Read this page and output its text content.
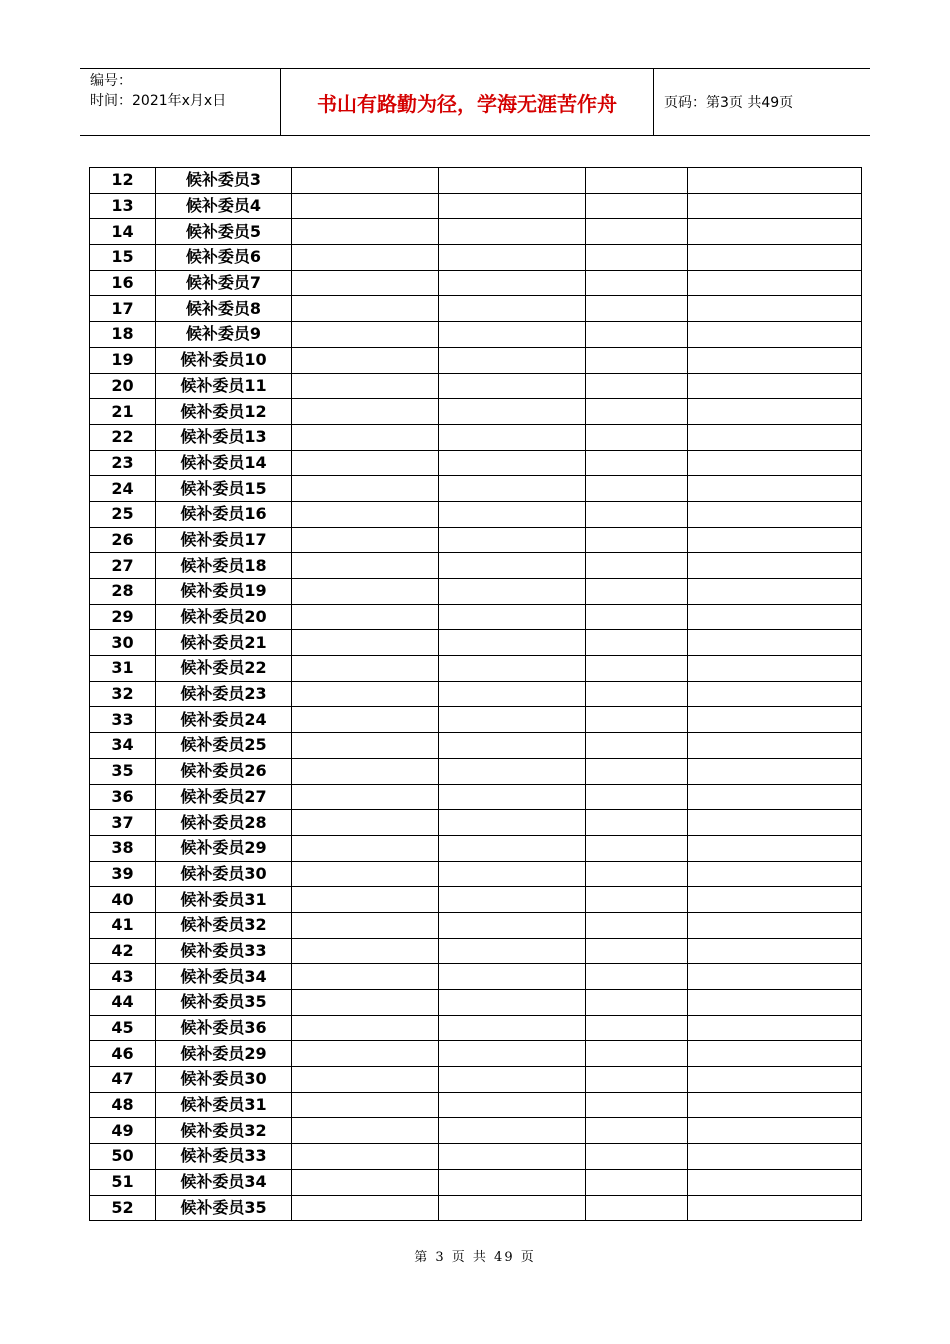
编号：
时间：2021年x月x日	书山有路勤为径，学海无涯苦作舟	页码：第3页 共49页
12	候补委员3				
13	候补委员4				
14	候补委员5				
15	候补委员6				
16	候补委员7				
17	候补委员8				
18	候补委员9				
19	候补委员10				
20	候补委员11				
21	候补委员12				
22	候补委员13				
23	候补委员14				
24	候补委员15				
25	候补委员16				
26	候补委员17				
27	候补委员18				
28	候补委员19				
29	候补委员20				
30	候补委员21				
31	候补委员22				
32	候补委员23				
33	候补委员24				
34	候补委员25				
35	候补委员26				
36	候补委员27				
37	候补委员28				
38	候补委员29				
39	候补委员30				
40	候补委员31				
41	候补委员32				
42	候补委员33				
43	候补委员34				
44	候补委员35				
45	候补委员36				
46	候补委员29				
47	候补委员30				
48	候补委员31				
49	候补委员32				
50	候补委员33				
51	候补委员34				
52	候补委员35				
第 3 页 共 49 页
